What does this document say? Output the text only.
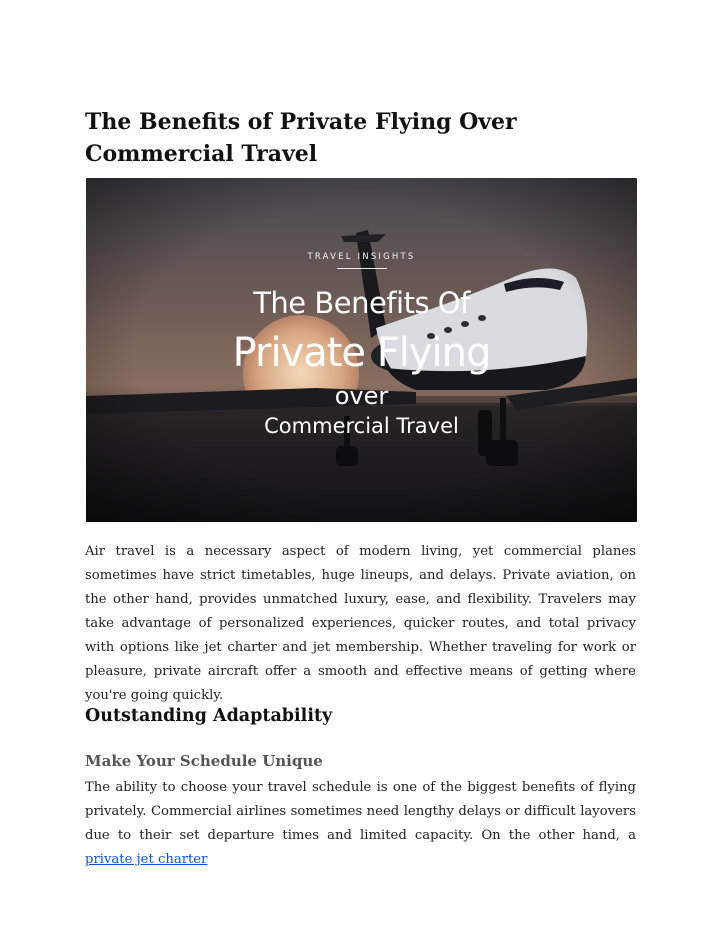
The Benefits of Private Flying Over Commercial Travel
TRAVEL INSIGHTS
The Benefits Of
Private Flying
over
Commercial Travel

Air travel is a necessary aspect of modern living, yet commercial planes sometimes have strict timetables, huge lineups, and delays. Private aviation, on the other hand, provides unmatched luxury, ease, and flexibility. Travelers may take advantage of personalized experiences, quicker routes, and total privacy with options like jet charter and jet membership. Whether traveling for work or pleasure, private aircraft offer a smooth and effective means of getting where you're going quickly.

Outstanding Adaptability
Make Your Schedule Unique

The ability to choose your travel schedule is one of the biggest benefits of flying privately. Commercial airlines sometimes need lengthy delays or difficult layovers due to their set departure times and limited capacity. On the other hand, a private jet charter
